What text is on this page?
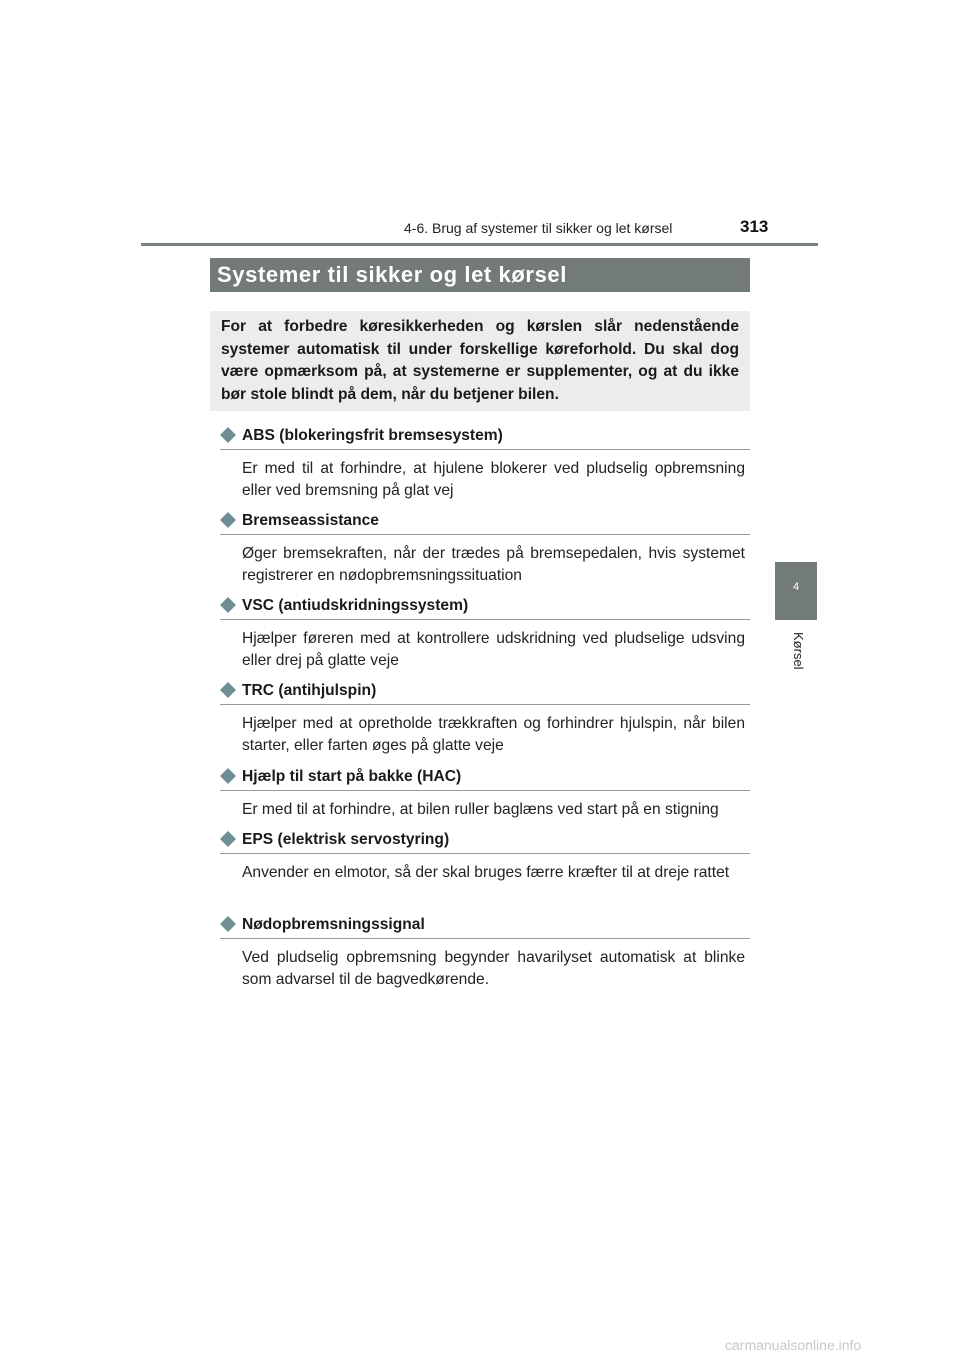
4-6. Brug af systemer til sikker og let kørsel	313
Systemer til sikker og let kørsel
For at forbedre køresikkerheden og kørslen slår nedenstående systemer automatisk til under forskellige køreforhold. Du skal dog være opmærksom på, at systemerne er supplementer, og at du ikke bør stole blindt på dem, når du betjener bilen.
ABS (blokeringsfrit bremsesystem)
Er med til at forhindre, at hjulene blokerer ved pludselig opbremsning eller ved bremsning på glat vej
Bremseassistance
Øger bremsekraften, når der trædes på bremsepedalen, hvis systemet registrerer en nødopbremsningssituation
VSC (antiudskridningssystem)
Hjælper føreren med at kontrollere udskridning ved pludselige udsving eller drej på glatte veje
TRC (antihjulspin)
Hjælper med at opretholde trækkraften og forhindrer hjulspin, når bilen starter, eller farten øges på glatte veje
Hjælp til start på bakke (HAC)
Er med til at forhindre, at bilen ruller baglæns ved start på en stigning
EPS (elektrisk servostyring)
Anvender en elmotor, så der skal bruges færre kræfter til at dreje rattet
Nødopbremsningssignal
Ved pludselig opbremsning begynder havarilyset automatisk at blinke som advarsel til de bagvedkørende.
4
Kørsel
carmanualsonline.info
